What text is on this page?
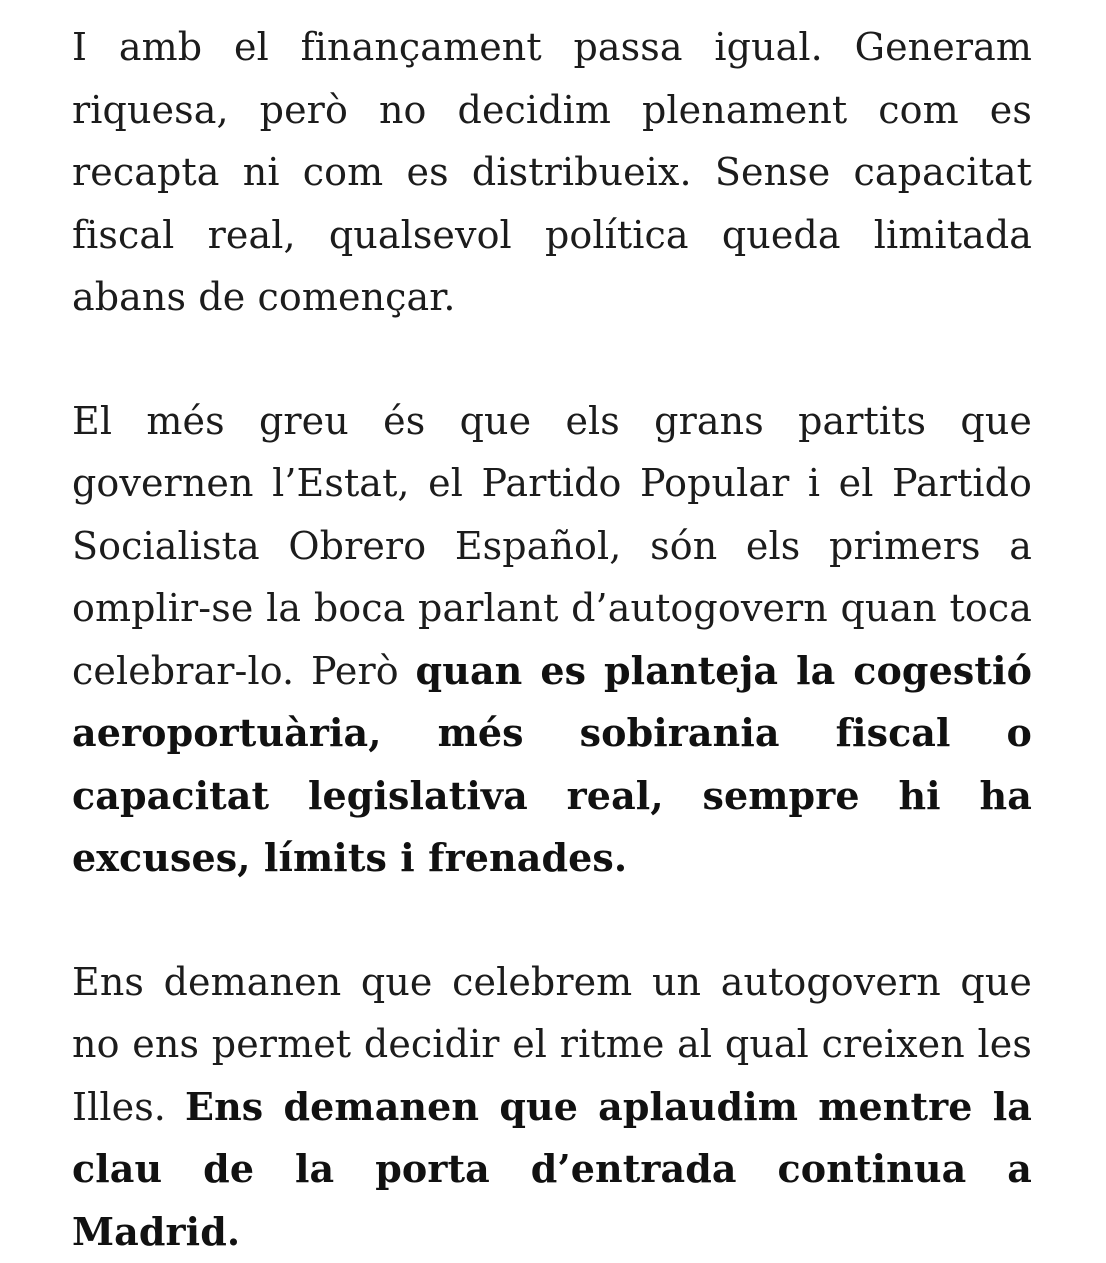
I amb el finançament passa igual. Generam riquesa, però no decidim plenament com es recapta ni com es distribueix. Sense capacitat fiscal real, qualsevol política queda limitada abans de començar.

El més greu és que els grans partits que governen l’Estat, el Partido Popular i el Partido Socialista Obrero Español, són els primers a omplir-se la boca parlant d’autogovern quan toca celebrar-lo. Però quan es planteja la cogestió aeroportuària, més sobirania fiscal o capacitat legislativa real, sempre hi ha excuses, límits i frenades.

Ens demanen que celebrem un autogovern que no ens permet decidir el ritme al qual creixen les Illes. Ens demanen que aplaudim mentre la clau de la porta d’entrada continua a Madrid.
